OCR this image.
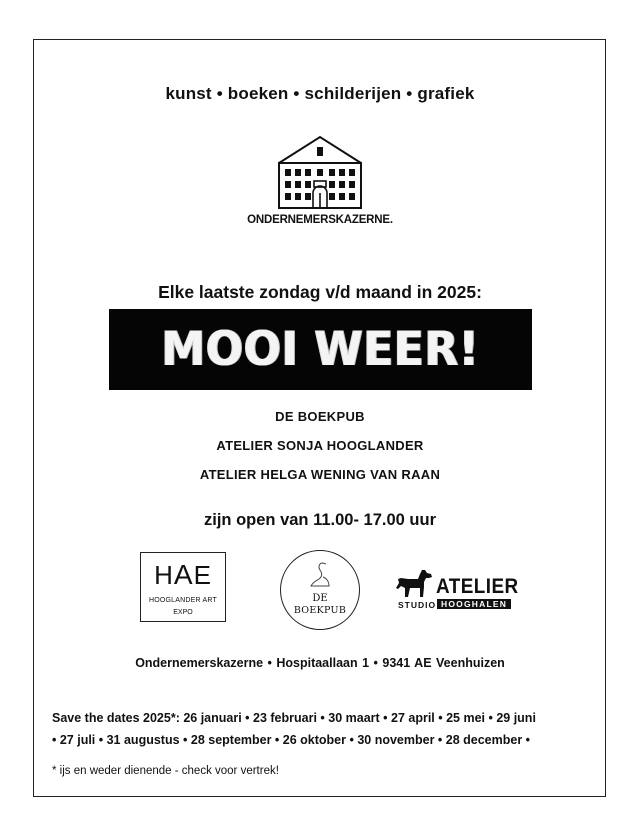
kunst • boeken • schilderijen • grafiek
ONDERNEMERSKAZERNE.
Elke laatste zondag v/d maand in 2025:
MOOI WEER!
DE BOEKPUB
ATELIER SONJA HOOGLANDER
ATELIER HELGA WENING VAN RAAN
zijn open van 11.00- 17.00 uur
HAE
HOOGLANDER ART
EXPO
DE
BOEKPUB
ATELIER
STUDIO HOOGHALEN
Ondernemerskazerne • Hospitaallaan 1 • 9341 AE Veenhuizen
Save the dates 2025*: 26 januari • 23 februari • 30 maart • 27 april • 25 mei • 29 juni
• 27 juli • 31 augustus • 28 september • 26 oktober • 30 november • 28 december •
* ijs en weder dienende - check voor vertrek!
